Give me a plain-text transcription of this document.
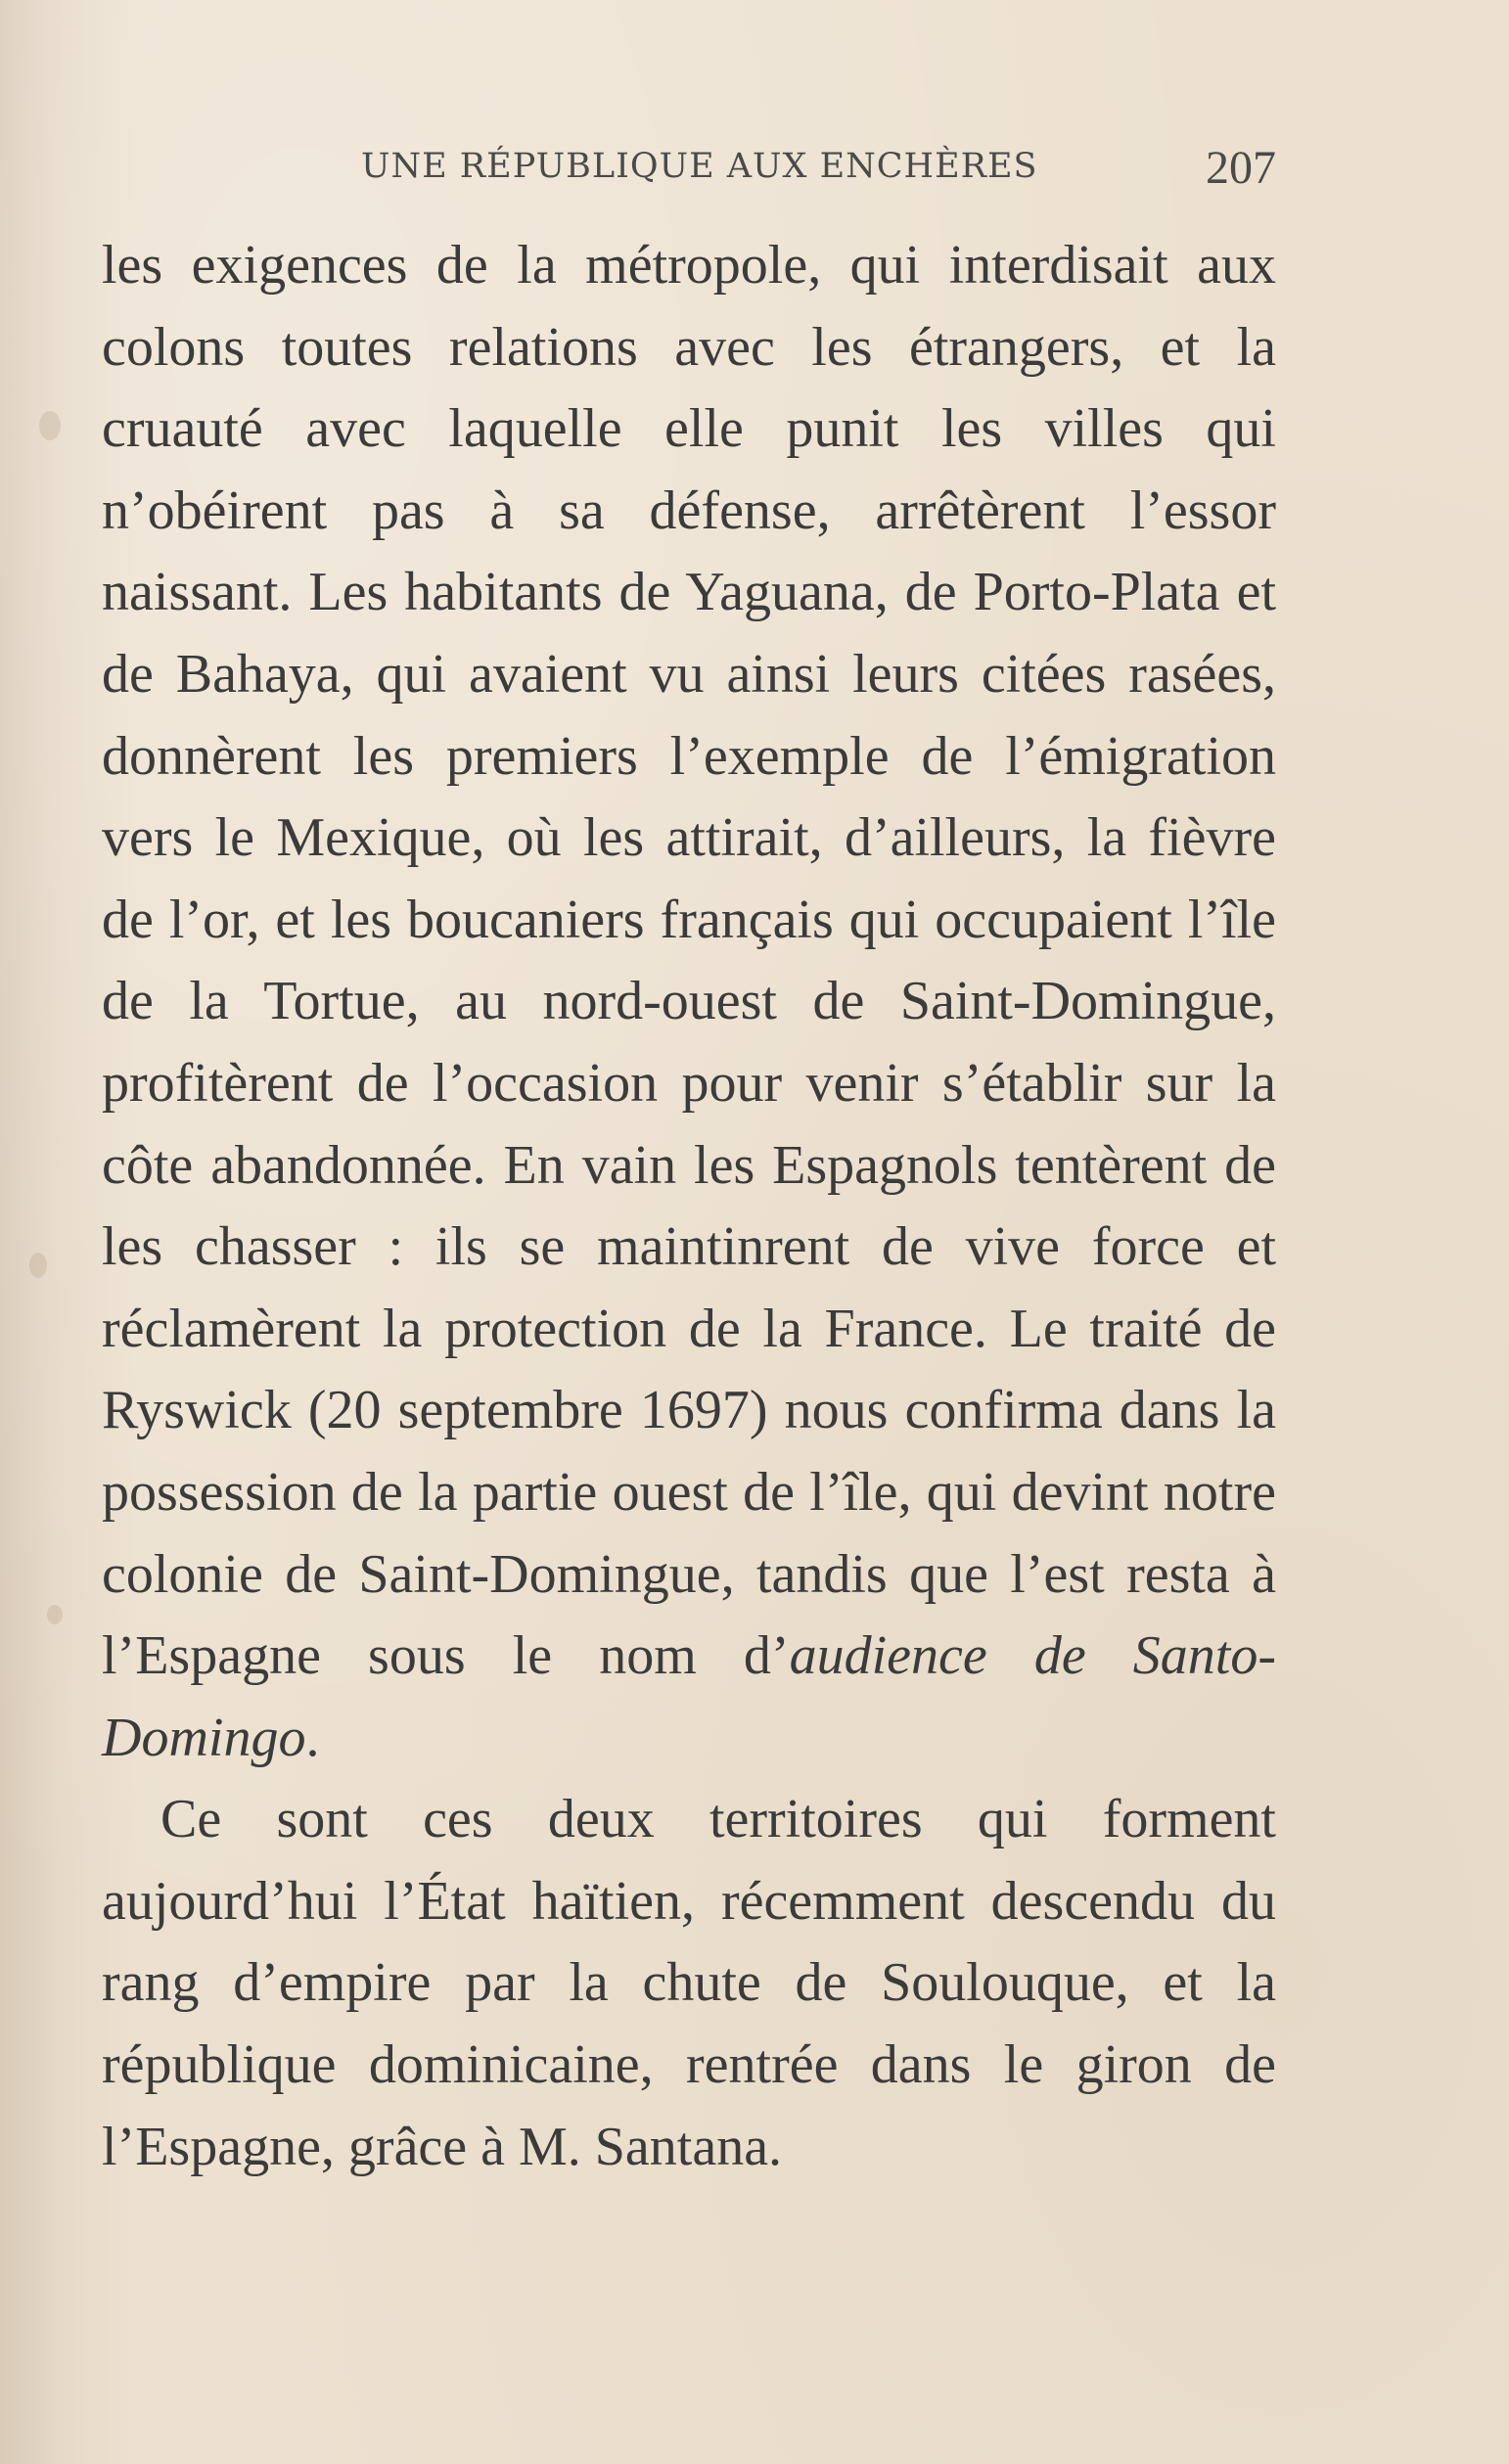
UNE RÉPUBLIQUE AUX ENCHÈRES	207

les exigences de la métropole, qui interdisait aux colons toutes relations avec les étrangers, et la cruauté avec laquelle elle punit les villes qui n’obéirent pas à sa défense, arrêtèrent l’essor naissant. Les habitants de Yaguana, de Porto-Plata et de Bahaya, qui avaient vu ainsi leurs citées rasées, donnèrent les premiers l’exemple de l’émigration vers le Mexique, où les attirait, d’ailleurs, la fièvre de l’or, et les boucaniers français qui occupaient l’île de la Tortue, au nord-ouest de Saint-Domingue, profitèrent de l’occasion pour venir s’établir sur la côte abandonnée. En vain les Espagnols tentèrent de les chasser : ils se maintinrent de vive force et réclamèrent la protection de la France. Le traité de Ryswick (20 septembre 1697) nous confirma dans la possession de la partie ouest de l’île, qui devint notre colonie de Saint-Domingue, tandis que l’est resta à l’Espagne sous le nom d’audience de Santo-Domingo.

Ce sont ces deux territoires qui forment aujourd’hui l’État haïtien, récemment descendu du rang d’empire par la chute de Soulouque, et la république dominicaine, rentrée dans le giron de l’Espagne, grâce à M. Santana.
